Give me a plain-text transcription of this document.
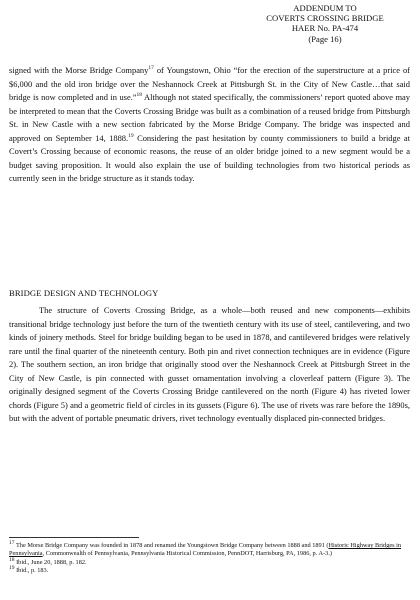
ADDENDUM TO
COVERTS CROSSING BRIDGE
HAER No. PA-474
(Page 16)

signed with the Morse Bridge Company$^{17}$ of Youngstown, Ohio “for the erection of the superstructure at a price of $6,000 and the old iron bridge over the Neshannock Creek at Pittsburgh St. in the City of New Castle…that said bridge is now completed and in use.”$^{18}$ Although not stated specifically, the commissioners’ report quoted above may be interpreted to mean that the Coverts Crossing Bridge was built as a combination of a reused bridge from Pittsburgh St. in New Castle with a new section fabricated by the Morse Bridge Company. The bridge was inspected and approved on September 14, 1888.19 Considering the past hesitation by county commissioners to build a bridge at Covert’s Crossing because of economic reasons, the reuse of an older bridge joined to a new segment would be a budget saving proposition. It would also explain the use of building technologies from two historical periods as currently seen in the bridge structure as it stands today.

BRIDGE DESIGN AND TECHNOLOGY

The structure of Coverts Crossing Bridge, as a whole—both reused and new components—exhibits transitional bridge technology just before the turn of the twentieth century with its use of steel, cantilevering, and two kinds of joinery methods. Steel for bridge building began to be used in 1878, and cantilevered bridges were relatively rare until the final quarter of the nineteenth century. Both pin and rivet connection techniques are in evidence (Figure 2). The southern section, an iron bridge that originally stood over the Neshannock Creek at Pittsburgh Street in the City of New Castle, is pin connected with gusset ornamentation involving a cloverleaf pattern (Figure 3). The originally designed segment of the Coverts Crossing Bridge cantilevered on the north (Figure 4) has riveted lower chords (Figure 5) and a geometric field of circles in its gussets (Figure 6). The use of rivets was rare before the 1890s, but with the advent of portable pneumatic drivers, rivet technology eventually displaced pin-connected bridges.

$^{17}$ The Morse Bridge Company was founded in 1878 and renamed the Youngstown Bridge Company between 1888 and 1891 (Historic Highway Bridges in Pennsylvania, Commonwealth of Pennsylvania, Pennsylvania Historical Commission, PennDOT, Harrisburg, PA, 1986, p. A-3.)
$^{18}$ Ibid., June 20, 1888, p. 182.
$^{19}$ Ibid., p. 183.
